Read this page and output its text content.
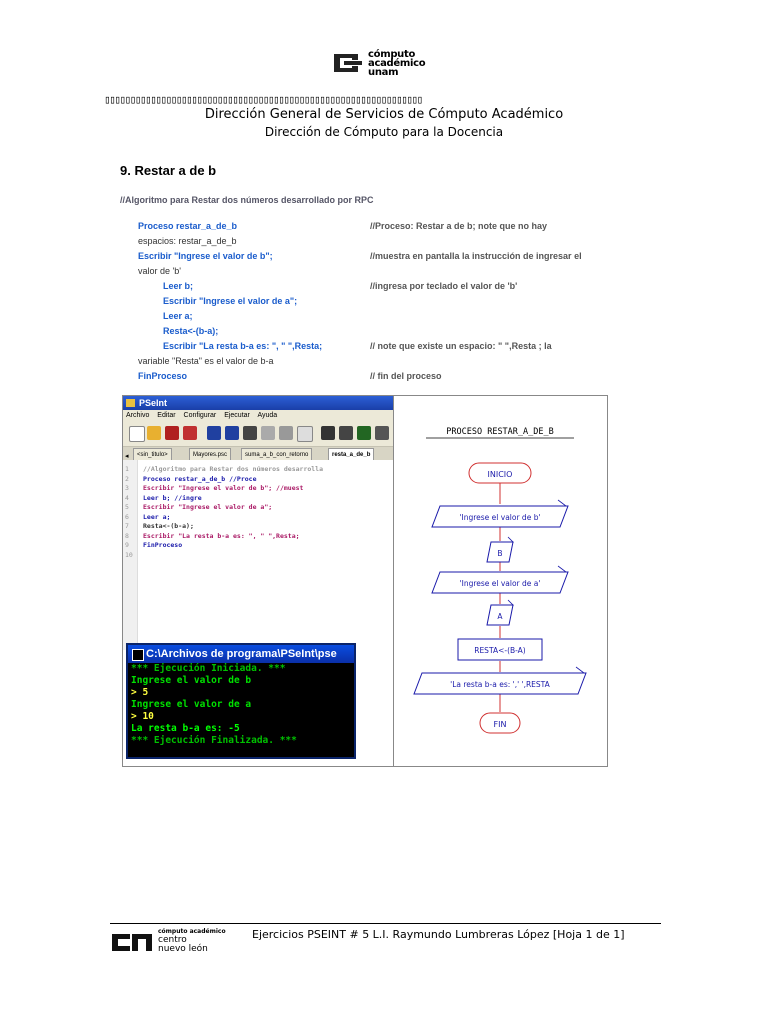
cómputo
académico
unam
▯▯▯▯▯▯▯▯▯▯▯▯▯▯▯▯▯▯▯▯▯▯▯▯▯▯▯▯▯▯▯▯▯▯▯▯▯▯▯▯▯▯▯▯▯▯▯▯▯▯▯▯▯▯▯▯▯▯▯▯▯▯
Dirección General de Servicios de Cómputo Académico
Dirección de Cómputo para la Docencia
9. Restar a de b
//Algoritmo para Restar dos números desarrollado por RPC
Proceso restar_a_de_b	//Proceso: Restar a de b; note que no hay
espacios: restar_a_de_b
Escribir "Ingrese el valor de b";	//muestra en pantalla la instrucción de ingresar el
valor de 'b'
Leer b;	//ingresa por teclado el valor de 'b'
Escribir "Ingrese el valor de a";
Leer a;
Resta<-(b-a);
Escribir "La resta b-a es: ", " ",Resta;	// note que existe un espacio: " ",Resta ; la
variable "Resta" es el valor de b-a
FinProceso	// fin del proceso
PSeInt
Archivo Editar Configurar Ejecutar Ayuda
◂	<sin_titulo>	Mayores.psc	suma_a_b_con_retorno	resta_a_de_b
1 //Algoritmo para Restar dos números desarrolla
2 Proceso restar_a_de_b //Proce
3 Escribir "Ingrese el valor de b"; //muest
4 Leer b; //ingre
5 Escribir "Ingrese el valor de a";
6 Leer a;
7 Resta<-(b-a);
8 Escribir "La resta b-a es: ", " ",Resta;
9 FinProceso
10
C:\Archivos de programa\PSeInt\pse
*** Ejecución Iniciada. ***
Ingrese el valor de b
> 5
Ingrese el valor de a
> 10
La resta b-a es: -5
*** Ejecución Finalizada. ***
PROCESO RESTAR_A_DE_B
INICIO
'Ingrese el valor de b'
B
'Ingrese el valor de a'
A
RESTA<-(B-A)
'La resta b-a es: ',' ',RESTA
FIN
cómputo académico
centro
nuevo león
Ejercicios PSEINT # 5 L.I. Raymundo Lumbreras López [Hoja 1 de 1]
